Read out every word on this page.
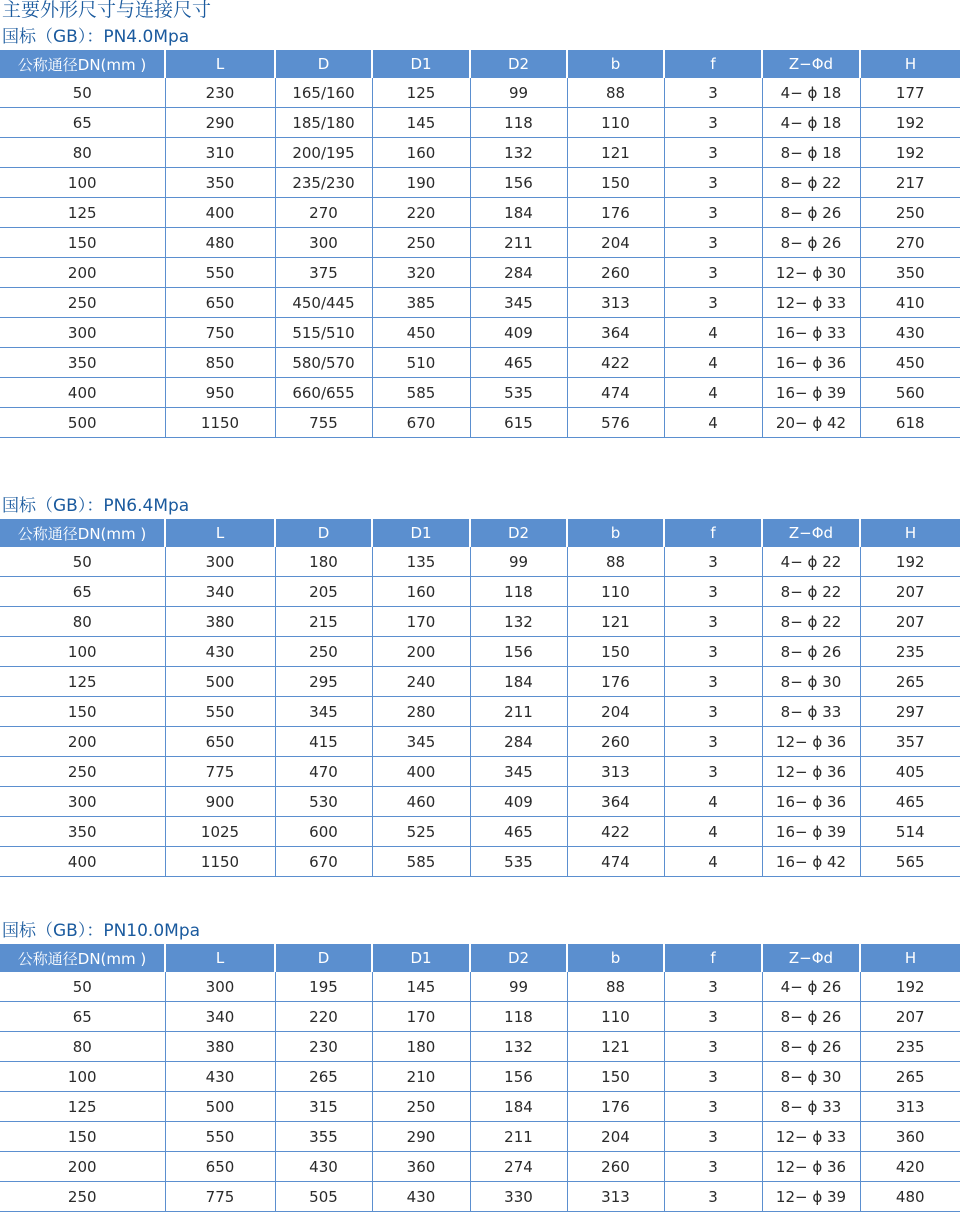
主要外形尺寸与连接尺寸
国标（GB）：PN4.0Mpa
公称通径DN(mm )	L	D	D1	D2	b	f	Z−Φd	H
50	230	165/160	125	99	88	3	4− ϕ 18	177
65	290	185/180	145	118	110	3	4− ϕ 18	192
80	310	200/195	160	132	121	3	8− ϕ 18	192
100	350	235/230	190	156	150	3	8− ϕ 22	217
125	400	270	220	184	176	3	8− ϕ 26	250
150	480	300	250	211	204	3	8− ϕ 26	270
200	550	375	320	284	260	3	12− ϕ 30	350
250	650	450/445	385	345	313	3	12− ϕ 33	410
300	750	515/510	450	409	364	4	16− ϕ 33	430
350	850	580/570	510	465	422	4	16− ϕ 36	450
400	950	660/655	585	535	474	4	16− ϕ 39	560
500	1150	755	670	615	576	4	20− ϕ 42	618
国标（GB）：PN6.4Mpa
公称通径DN(mm )	L	D	D1	D2	b	f	Z−Φd	H
50	300	180	135	99	88	3	4− ϕ 22	192
65	340	205	160	118	110	3	8− ϕ 22	207
80	380	215	170	132	121	3	8− ϕ 22	207
100	430	250	200	156	150	3	8− ϕ 26	235
125	500	295	240	184	176	3	8− ϕ 30	265
150	550	345	280	211	204	3	8− ϕ 33	297
200	650	415	345	284	260	3	12− ϕ 36	357
250	775	470	400	345	313	3	12− ϕ 36	405
300	900	530	460	409	364	4	16− ϕ 36	465
350	1025	600	525	465	422	4	16− ϕ 39	514
400	1150	670	585	535	474	4	16− ϕ 42	565
国标（GB）：PN10.0Mpa
公称通径DN(mm )	L	D	D1	D2	b	f	Z−Φd	H
50	300	195	145	99	88	3	4− ϕ 26	192
65	340	220	170	118	110	3	8− ϕ 26	207
80	380	230	180	132	121	3	8− ϕ 26	235
100	430	265	210	156	150	3	8− ϕ 30	265
125	500	315	250	184	176	3	8− ϕ 33	313
150	550	355	290	211	204	3	12− ϕ 33	360
200	650	430	360	274	260	3	12− ϕ 36	420
250	775	505	430	330	313	3	12− ϕ 39	480
